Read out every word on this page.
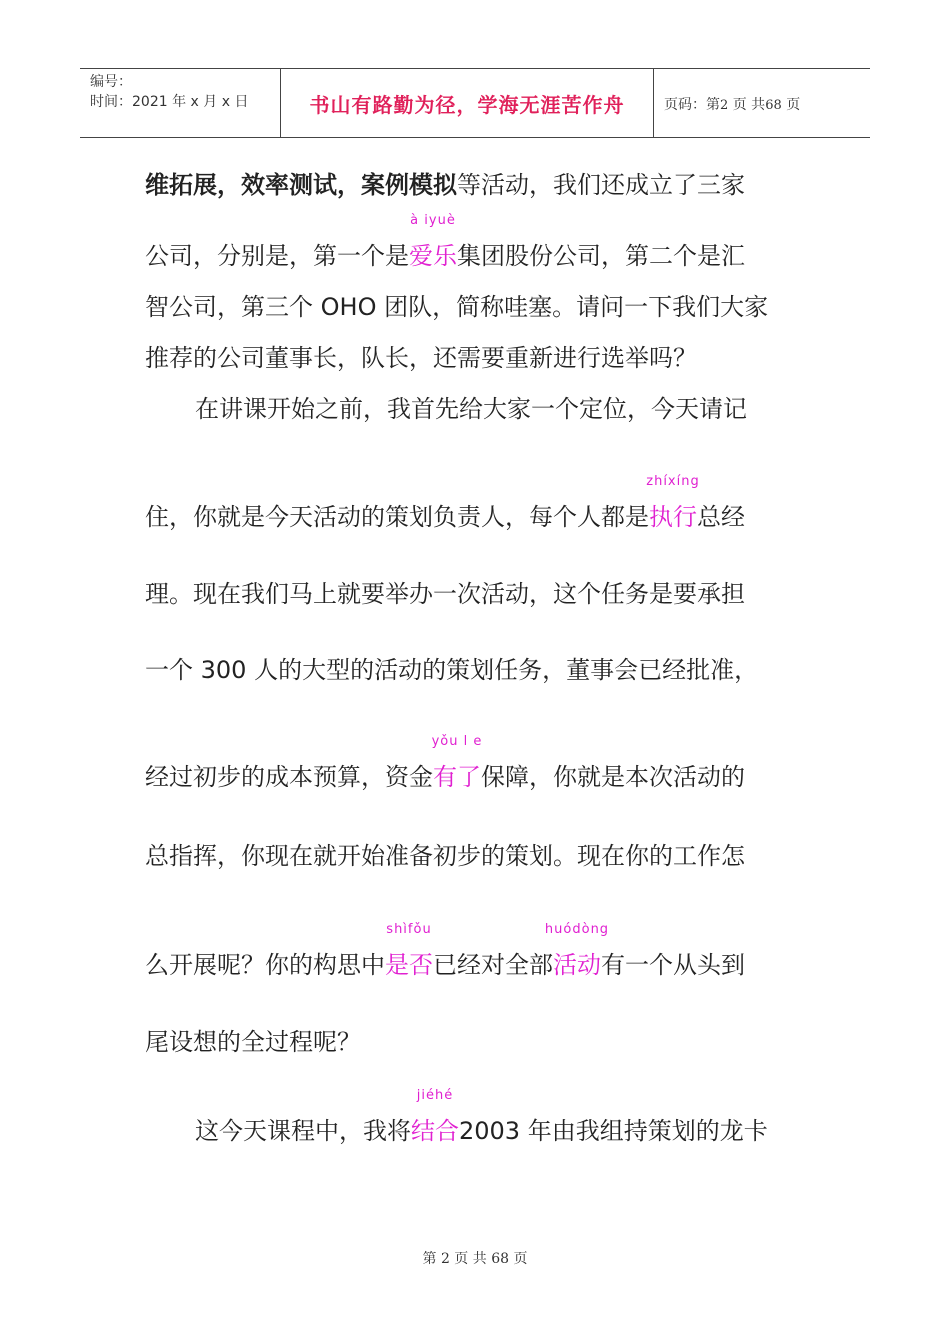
编号：
时间：2021 年 x 月 x 日	书山有路勤为径，学海无涯苦作舟	页码：第2 页 共68 页
维拓展，效率测试，案例模拟等活动，我们还成立了三家
公司，分别是，第一个是
à iyuè
爱乐集团股份公司，第二个是汇
智公司，第三个 OHO 团队，简称哇塞。请问一下我们大家
推荐的公司董事长，队长，还需要重新进行选举吗？
在讲课开始之前，我首先给大家一个定位，今天请记
住，你就是今天活动的策划负责人，每个人都是
zhíxíng
执行总经
理。现在我们马上就要举办一次活动，这个任务是要承担
一个 300 人的大型的活动的策划任务，董事会已经批准，
经过初步的成本预算，资金
yǒu l e
有了保障，你就是本次活动的
总指挥，你现在就开始准备初步的策划。现在你的工作怎
么开展呢？你的构思中
shìfǒu
是否已经对全部
huódòng
活动有一个从头到
尾设想的全过程呢？
这今天课程中，我将
jiéhé
结合2003 年由我组持策划的龙卡
第 2 页 共 68 页
